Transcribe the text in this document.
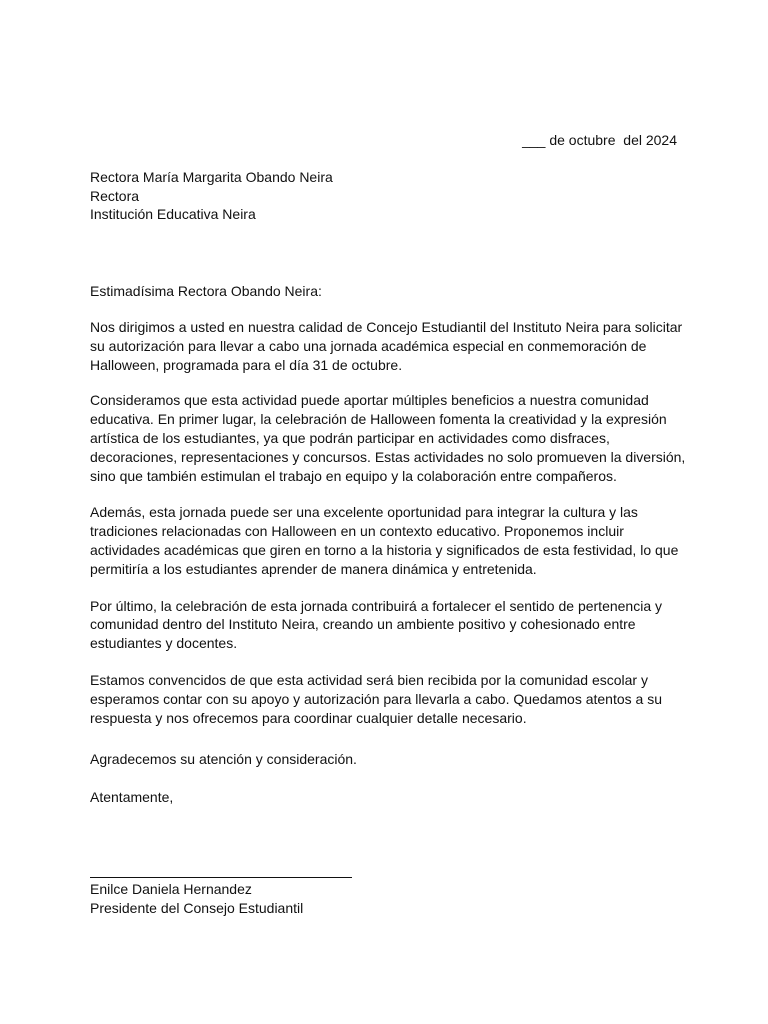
___ de octubre  del 2024
Rectora María Margarita Obando Neira
Rectora
Institución Educativa Neira
Estimadísima Rectora Obando Neira:

Nos dirigimos a usted en nuestra calidad de Concejo Estudiantil del Instituto Neira para solicitar su autorización para llevar a cabo una jornada académica especial en conmemoración de Halloween, programada para el día 31 de octubre.

Consideramos que esta actividad puede aportar múltiples beneficios a nuestra comunidad educativa. En primer lugar, la celebración de Halloween fomenta la creatividad y la expresión artística de los estudiantes, ya que podrán participar en actividades como disfraces, decoraciones, representaciones y concursos. Estas actividades no solo promueven la diversión, sino que también estimulan el trabajo en equipo y la colaboración entre compañeros.

Además, esta jornada puede ser una excelente oportunidad para integrar la cultura y las tradiciones relacionadas con Halloween en un contexto educativo. Proponemos incluir actividades académicas que giren en torno a la historia y significados de esta festividad, lo que permitiría a los estudiantes aprender de manera dinámica y entretenida.

Por último, la celebración de esta jornada contribuirá a fortalecer el sentido de pertenencia y comunidad dentro del Instituto Neira, creando un ambiente positivo y cohesionado entre estudiantes y docentes.

Estamos convencidos de que esta actividad será bien recibida por la comunidad escolar y esperamos contar con su apoyo y autorización para llevarla a cabo. Quedamos atentos a su respuesta y nos ofrecemos para coordinar cualquier detalle necesario.

Agradecemos su atención y consideración.
Atentamente,
Enilce Daniela Hernandez
Presidente del Consejo Estudiantil
